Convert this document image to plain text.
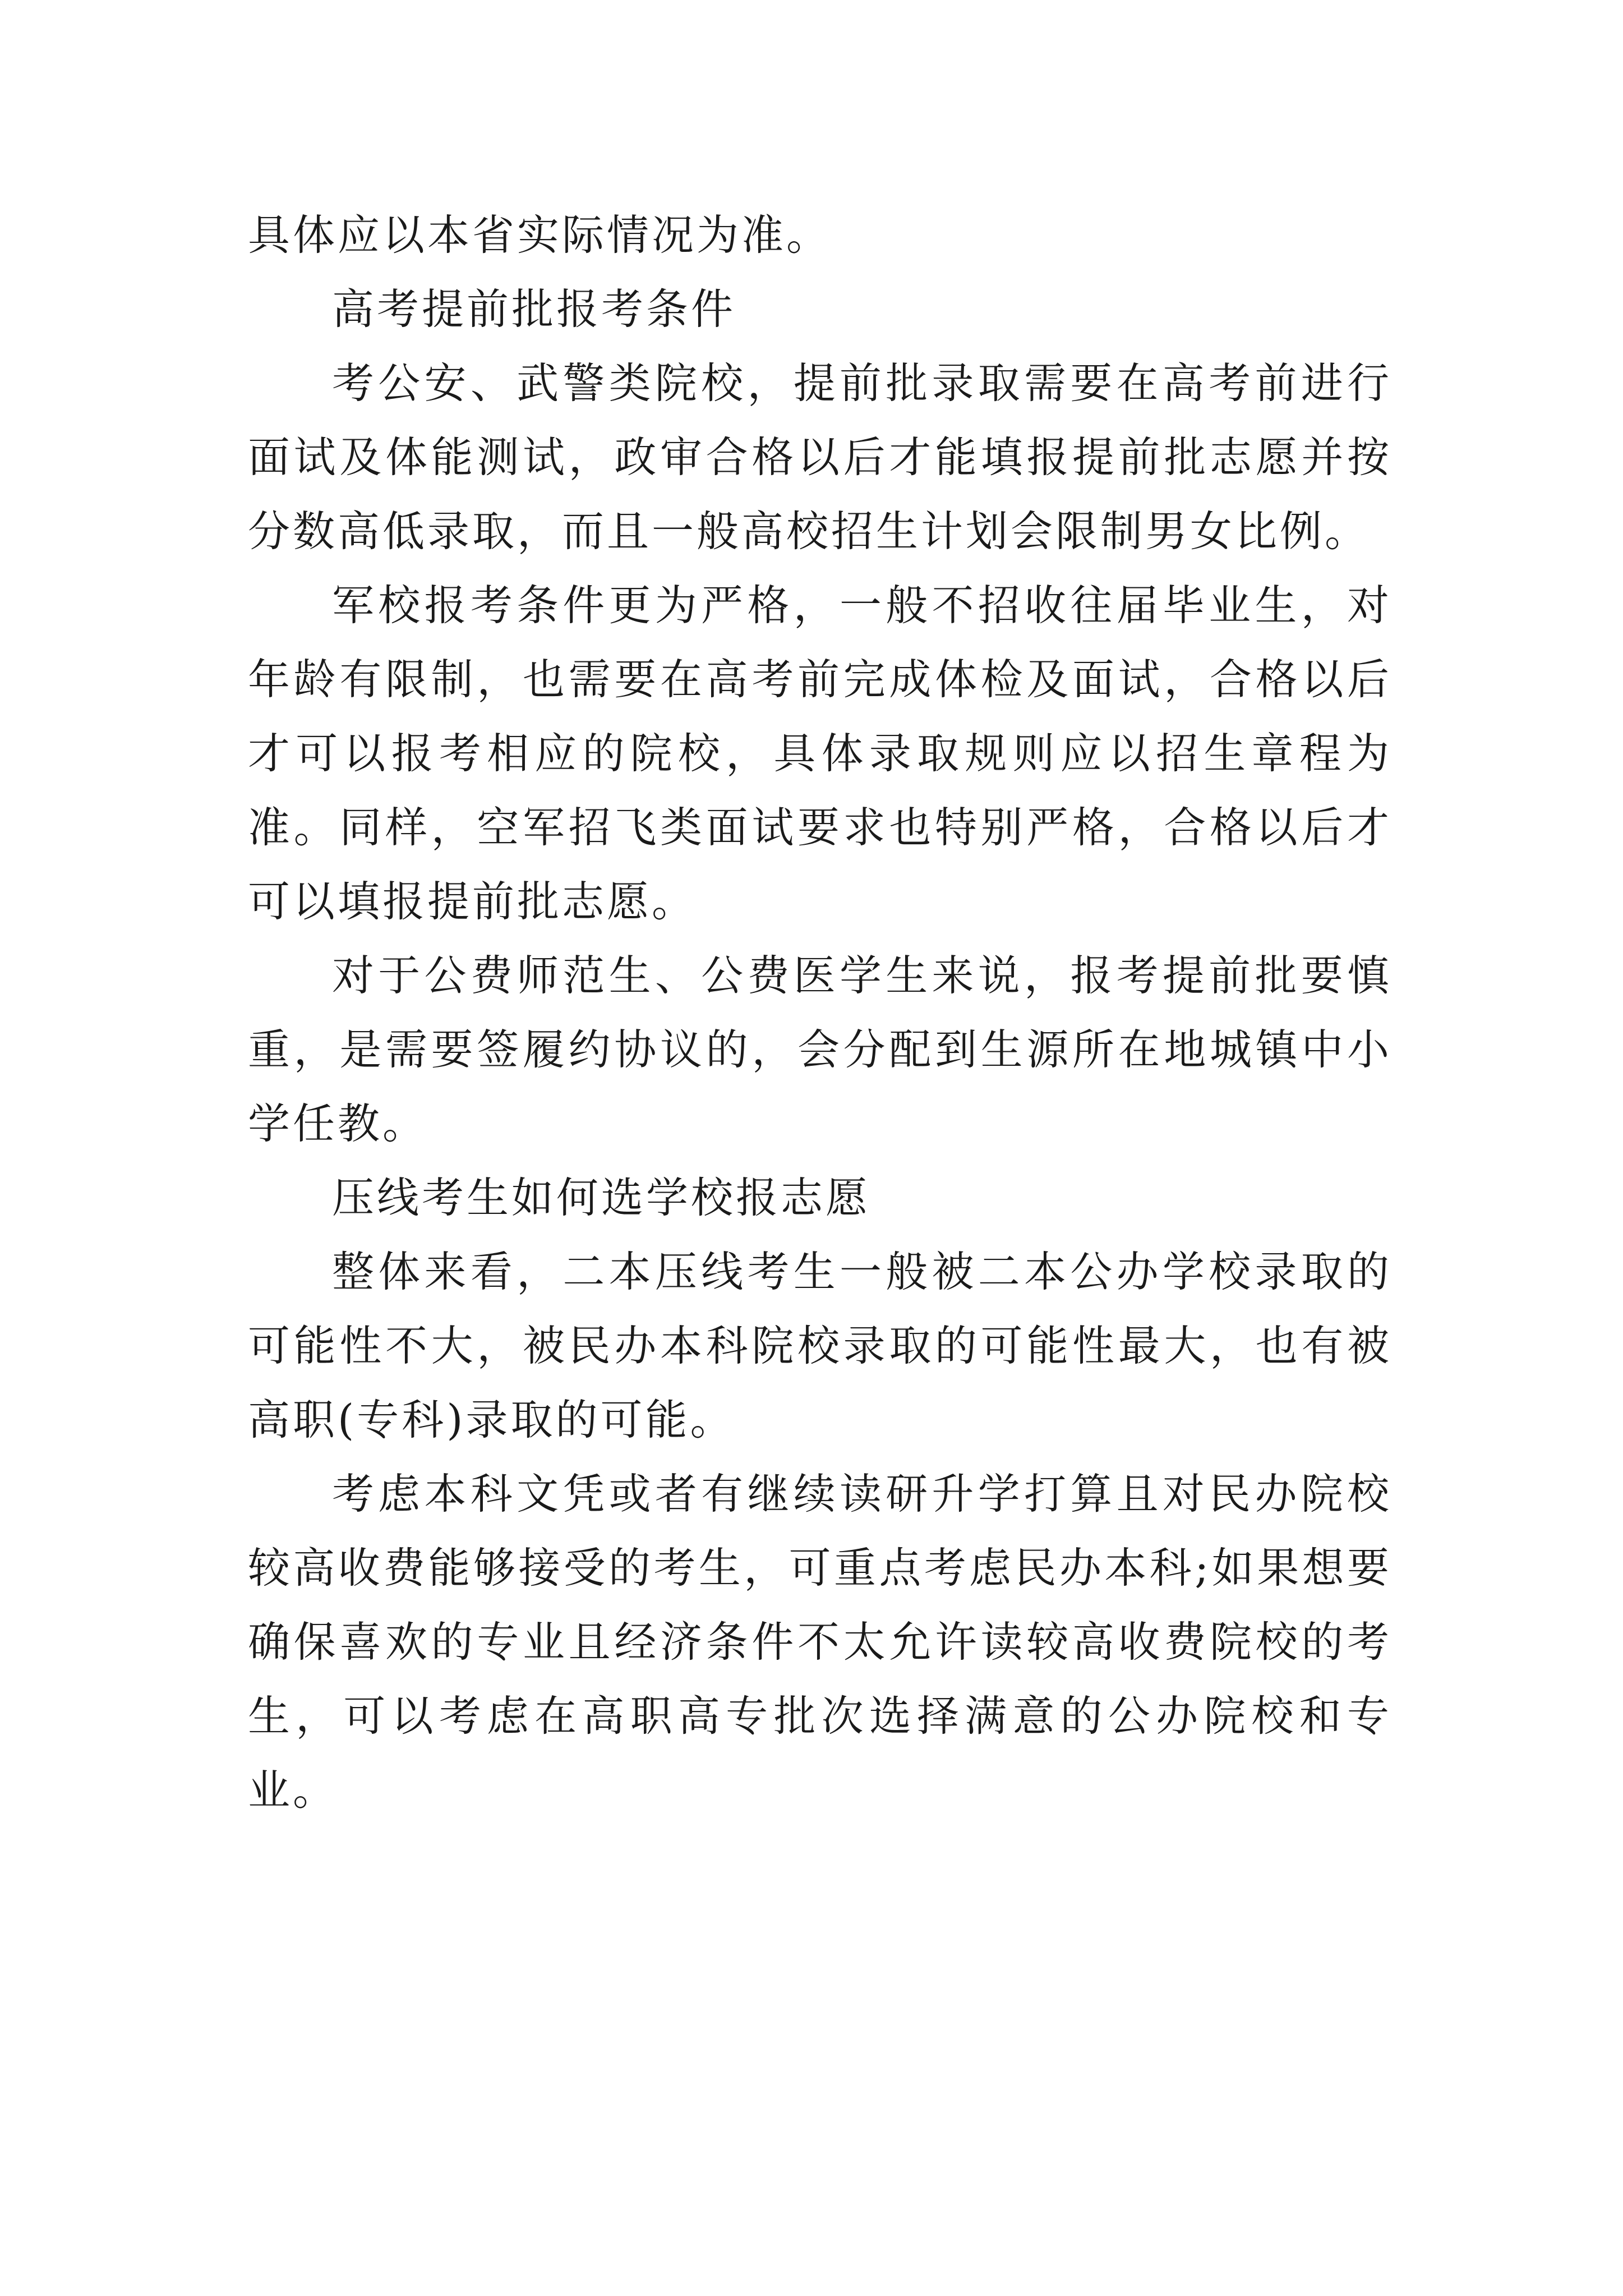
具体应以本省实际情况为准。

高考提前批报考条件

考公安、武警类院校，提前批录取需要在高考前进行面试及体能测试，政审合格以后才能填报提前批志愿并按分数高低录取，而且一般高校招生计划会限制男女比例。

军校报考条件更为严格，一般不招收往届毕业生，对年龄有限制，也需要在高考前完成体检及面试，合格以后才可以报考相应的院校，具体录取规则应以招生章程为准。同样，空军招飞类面试要求也特别严格，合格以后才可以填报提前批志愿。

对于公费师范生、公费医学生来说，报考提前批要慎重，是需要签履约协议的，会分配到生源所在地城镇中小学任教。

压线考生如何选学校报志愿

整体来看，二本压线考生一般被二本公办学校录取的可能性不大，被民办本科院校录取的可能性最大，也有被高职(专科)录取的可能。

考虑本科文凭或者有继续读研升学打算且对民办院校较高收费能够接受的考生，可重点考虑民办本科;如果想要确保喜欢的专业且经济条件不太允许读较高收费院校的考生，可以考虑在高职高专批次选择满意的公办院校和专业。
